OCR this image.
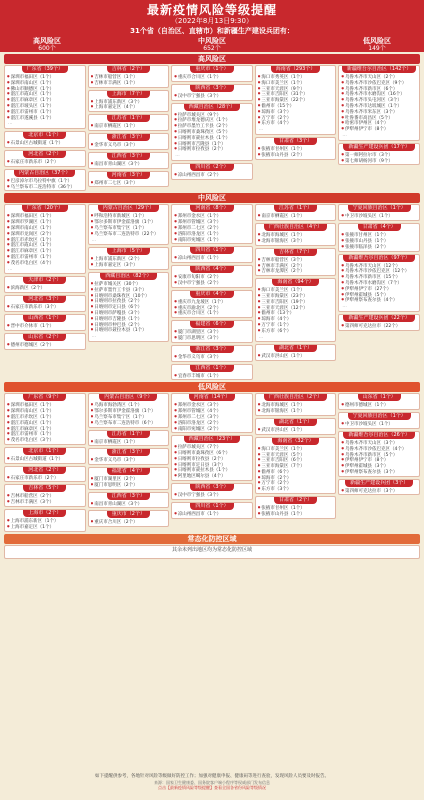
最新疫情风险等级提醒
（2022年8月13日9:30）
31个省（自治区、直辖市）和新疆生产建设兵团有：
高风险区
600个
中风险区
652个
低风险区
149个
高风险区
广东省（39个）
● 深圳市福田区（1个）
● 深圳市南山区（1个）
● 佛山市顺德区（1个）
● 湛江市霞山区（1个）
● 湛江市麻章区（1个）
● 湛江市坡头区（1个）
● 湛江市雷州市（1个）
● 湛江市遂溪县（1个）
…
北京市（1个）
● 石景山区古城街道（1个）
河北省（2个）
● 石家庄市新乐市（2个）
内蒙古自治区（37个）
● 巴彦淖尔市乌拉特中旗（1个）
● 乌兰察布市二连浩特市（36个）
吉林省（2个）
● 吉林市船营区（1个）
● 吉林市丰满区（1个）
上海市（7个）
● 上海市浦东新区（3个）
● 上海市嘉定区（4个）
江苏省（1个）
● 南京市栖霞区（1个）
浙江省（3个）
● 金华市义乌市（3个）
江西省（3个）
● 南昌市青山湖区（3个）
河南省（3个）
● 郑州市二七区（3个）
重庆市（1个）
● 重庆市合川区（1个）
陕西省（3个）
● 汉中市宁强县（3个）
西藏自治区（28个）
● 拉萨市城关区（9个）
● 拉萨市堆龙德庆区（1个）
● 拉萨市墨竹工卡县（2个）
● 日喀则市桑珠孜区（5个）
● 日喀则市聂拉木县（1个）
● 日喀则市吉隆县（1个）
● 日喀则市拉孜县（2个）
…
四川省（2个）
● 凉山州西昌市（2个）
海南省（293个）
● 海口市秀英区（1个）
● 海口市美兰区（1个）
● 三亚市天涯区（9个）
● 三亚市吉阳区（31个）
● 三亚市海棠区（22个）
● 儋州市（15个）
● 琼海市（3个）
● 万宁市（2个）
● 东方市（4个）
…
甘肃省（3个）
● 张掖市甘州区（1个）
● 张掖市山丹县（2个）
新疆维吾尔自治区（142个）
● 乌鲁木齐市天山区（2个）
● 乌鲁木齐市沙依巴克区（9个）
● 乌鲁木齐市新市区（6个）
● 乌鲁木齐市水磨沟区（16个）
● 乌鲁木齐市头屯河区（3个）
● 乌鲁木齐市达坂城区（1个）
● 乌鲁木齐市米东区（3个）
● 吐鲁番市高昌区（5个）
● 哈密市伊州区（4个）
● 伊犁州伊宁市（8个）
…
新疆生产建设兵团（17个）
● 第一师阿拉尔市（3个）
● 第七师胡杨河市（9个）
中风险区
广东省（20个）
● 深圳市福田区（1个）
● 深圳市罗湖区（1个）
● 深圳市南山区（1个）
● 深圳市龙岗区（2个）
● 湛江市赤坎区（1个）
● 湛江市霞山区（1个）
● 湛江市麻章区（1个）
● 湛江市雷州市（1个）
● 茂名市电白区（4个）
…
天津市（2个）
● 滨海新区（2个）
河北省（3个）
● 石家庄市新乐市（3个）
山西省（1个）
● 晋中市介休市（1个）
山东省（2个）
● 德州市德城区（2个）
内蒙古自治区（29个）
● 呼和浩特市新城区（1个）
● 鄂尔多斯市伊金霍洛旗（1个）
● 乌兰察布市集宁区（1个）
● 乌兰察布市二连浩特市（22个）
…
上海市（5个）
● 上海市浦东新区（2个）
● 上海市嘉定区（3个）
西藏自治区（82个）
● 拉萨市城关区（30个）
● 拉萨市墨竹工卡县（3个）
● 日喀则市桑珠孜区（10个）
● 日喀则市拉孜县（2个）
● 日喀则市定日县（6个）
● 日喀则市萨嘎县（3个）
● 日喀则市吉隆县（1个）
● 日喀则市仲巴县（2个）
● 日喀则市聂拉木县（1个）
…
河南省（8个）
● 郑州市金水区（1个）
● 郑州市管城区（3个）
● 郑州市二七区（2个）
● 洛阳市洛龙区（1个）
● 南阳市宛城区（1个）
四川省（1个）
● 凉山州西昌市（1个）
陕西省（4个）
● 安康市旬阳市（2个）
● 汉中市宁强县（2个）
重庆市（4个）
● 重庆市九龙坡区（1个）
● 重庆市渝北区（2个）
● 重庆市合川区（1个）
福建省（6个）
● 厦门市湖里区（3个）
● 厦门市思明区（3个）
浙江省（3个）
● 金华市义乌市（3个）
江西省（1个）
● 宜春市丰城市（1个）
江苏省（1个）
● 南京市栖霞区（1个）
广西壮族自治区（4个）
● 北海市海城区（1个）
● 北海市银海区（3个）
吉林省（7个）
● 吉林市船营区（3个）
● 吉林市丰满区（2个）
● 吉林市龙潭区（2个）
海南省（94个）
● 海口市美兰区（1个）
● 三亚市海棠区（23个）
● 三亚市吉阳区（19个）
● 三亚市天涯区（12个）
● 儋州市（13个）
● 琼海市（4个）
● 万宁市（1个）
● 东方市（6个）
…
湖北省（1个）
● 武汉市洪山区（1个）
宁夏回族自治区（1个）
● 中卫市沙坡头区（1个）
甘肃省（4个）
● 张掖市甘州区（1个）
● 张掖市山丹县（1个）
● 张掖市临泽县（2个）
新疆维吾尔自治区（97个）
● 乌鲁木齐市天山区（12个）
● 乌鲁木齐市沙依巴克区（12个）
● 乌鲁木齐市新市区（15个）
● 乌鲁木齐市水磨沟区（7个）
● 伊犁州伊宁市（27个）
● 伊犁州霍城县（5个）
● 伊犁州察布查尔县（4个）
…
新疆生产建设兵团（22个）
● 第四师可克达拉市（22个）
低风险区
广东省（9个）
● 深圳市福田区（1个）
● 深圳市南山区（1个）
● 湛江市赤坎区（1个）
● 湛江市霞山区（1个）
● 湛江市麻章区（1个）
● 湛江市雷州市（1个）
● 茂名市电白区（3个）
北京市（1个）
● 石景山区古城街道（1个）
河北省（2个）
● 石家庄市新乐市（2个）
吉林省（5个）
● 吉林市船营区（2个）
● 吉林市丰满区（3个）
上海市（2个）
● 上海市浦东新区（1个）
● 上海市嘉定区（1个）
内蒙古自治区（9个）
● 乌海市海勃湾区（1个）
● 鄂尔多斯市伊金霍洛旗（1个）
● 乌兰察布市集宁区（1个）
● 乌兰察布市二连浩特市（6个）
江苏省（1个）
● 南京市栖霞区（1个）
浙江省（3个）
● 金华市义乌市（3个）
福建省（4个）
● 厦门市湖里区（2个）
● 厦门市思明区（2个）
江西省（3个）
● 南昌市青山湖区（3个）
重庆市（2个）
● 重庆市合川区（2个）
河南省（14个）
● 郑州市金水区（3个）
● 郑州市管城区（4个）
● 郑州市二七区（3个）
● 洛阳市洛龙区（2个）
● 南阳市宛城区（2个）
西藏自治区（23个）
● 拉萨市城关区（7个）
● 日喀则市桑珠孜区（6个）
● 日喀则市拉孜县（2个）
● 日喀则市定日县（3个）
● 日喀则市聂拉木县（1个）
● 阿里地区噶尔县（4个）
陕西省（3个）
● 汉中市宁强县（3个）
四川省（1个）
● 凉山州西昌市（1个）
广西壮族自治区（2个）
● 北海市海城区（1个）
● 北海市银海区（1个）
湖北省（1个）
● 武汉市洪山区（1个）
海南省（32个）
● 海口市美兰区（1个）
● 三亚市天涯区（5个）
● 三亚市吉阳区（6个）
● 三亚市海棠区（7个）
● 儋州市（6个）
● 琼海市（2个）
● 万宁市（2个）
● 东方市（3个）
甘肃省（2个）
● 张掖市甘州区（1个）
● 张掖市山丹县（1个）
山东省（1个）
● 德州市德城区（1个）
宁夏回族自治区（1个）
● 中卫市沙坡头区（1个）
新疆维吾尔自治区（26个）
● 乌鲁木齐市天山区（3个）
● 乌鲁木齐市沙依巴克区（4个）
● 乌鲁木齐市新市区（5个）
● 伊犁州伊宁市（8个）
● 伊犁州霍城县（3个）
● 伊犁州察布查尔县（3个）
新疆生产建设兵团（3个）
● 第四师可克达拉市（3个）
常态化防控区域
其余未列出地区均为常态化防控区域
如下提醒供参考，各地针对风险等级做好防控工作；加强对健康申报、健康码等进行查验，发现风险人员要及时报告。
来源：国家卫生健康委、国务院客户端小程序等权威部门发布信息
点击【最新疫情风险等级提醒】查看全国各省份风险等级情况
